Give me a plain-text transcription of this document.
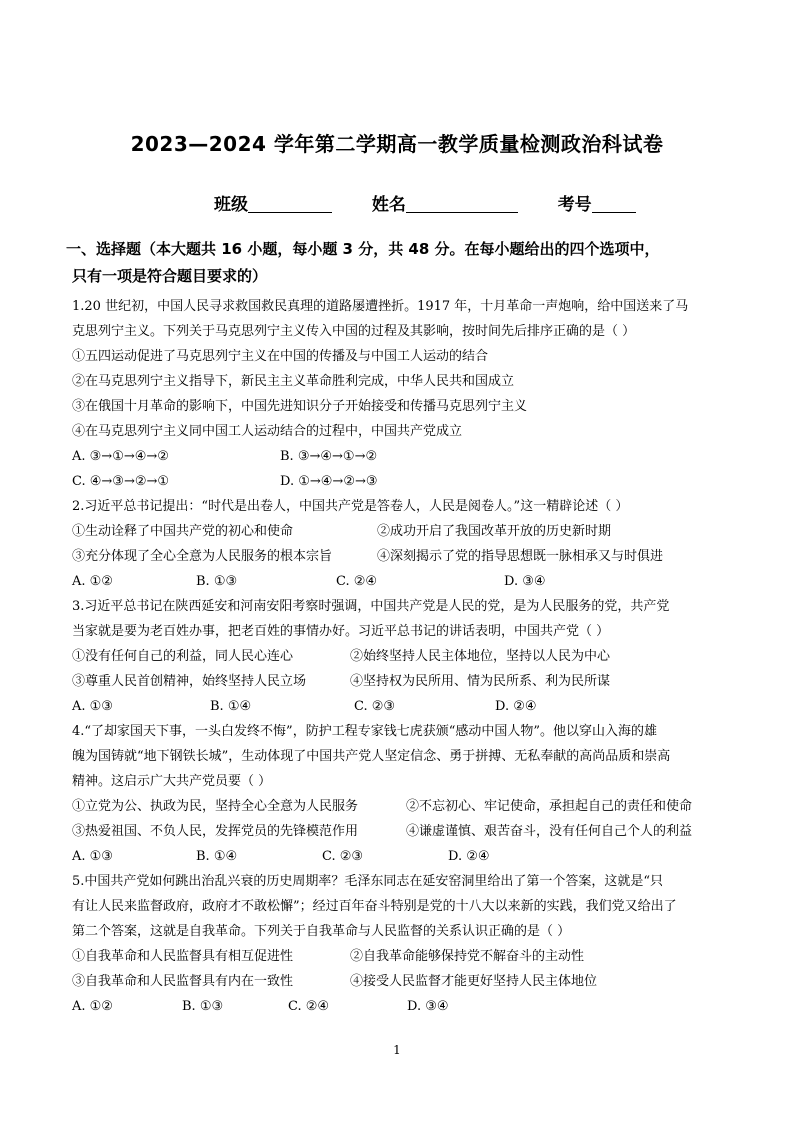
2023—2024 学年第二学期高一教学质量检测政治科试卷
班级	姓名	考号
一、选择题（本大题共 16 小题，每小题 3 分，共 48 分。在每小题给出的四个选项中，
只有一项是符合题目要求的）
1.20 世纪初，中国人民寻求救国救民真理的道路屡遭挫折。1917 年，十月革命一声炮响，给中国送来了马
克思列宁主义。下列关于马克思列宁主义传入中国的过程及其影响，按时间先后排序正确的是（ ）
①五四运动促进了马克思列宁主义在中国的传播及与中国工人运动的结合
②在马克思列宁主义指导下，新民主主义革命胜利完成，中华人民共和国成立
③在俄国十月革命的影响下，中国先进知识分子开始接受和传播马克思列宁主义
④在马克思列宁主义同中国工人运动结合的过程中，中国共产党成立
A. ③→①→④→②	B. ③→④→①→②
C. ④→③→②→①	D. ①→④→②→③
2.习近平总书记提出：“时代是出卷人，中国共产党是答卷人，人民是阅卷人。”这一精辟论述（ ）
①生动诠释了中国共产党的初心和使命	②成功开启了我国改革开放的历史新时期
③充分体现了全心全意为人民服务的根本宗旨	④深刻揭示了党的指导思想既一脉相承又与时俱进
A. ①②	B. ①③	C. ②④	D. ③④
3.习近平总书记在陕西延安和河南安阳考察时强调，中国共产党是人民的党，是为人民服务的党，共产党
当家就是要为老百姓办事，把老百姓的事情办好。习近平总书记的讲话表明，中国共产党（ ）
①没有任何自己的利益，同人民心连心	②始终坚持人民主体地位，坚持以人民为中心
③尊重人民首创精神，始终坚持人民立场	④坚持权为民所用、情为民所系、利为民所谋
A. ①③	B. ①④	C. ②③	D. ②④
4.“了却家国天下事，一头白发终不悔”，防护工程专家钱七虎获颁“感动中国人物”。他以穿山入海的雄
魄为国铸就“地下钢铁长城”，生动体现了中国共产党人坚定信念、勇于拼搏、无私奉献的高尚品质和崇高
精神。这启示广大共产党员要（ ）
①立党为公、执政为民，坚持全心全意为人民服务	②不忘初心、牢记使命，承担起自己的责任和使命
③热爱祖国、不负人民，发挥党员的先锋模范作用	④谦虚谨慎、艰苦奋斗，没有任何自己个人的利益
A. ①③	B. ①④	C. ②③	D. ②④
5.中国共产党如何跳出治乱兴衰的历史周期率？毛泽东同志在延安窑洞里给出了第一个答案，这就是“只
有让人民来监督政府，政府才不敢松懈”；经过百年奋斗特别是党的十八大以来新的实践，我们党又给出了
第二个答案，这就是自我革命。下列关于自我革命与人民监督的关系认识正确的是（ ）
①自我革命和人民监督具有相互促进性	②自我革命能够保持党不解奋斗的主动性
③自我革命和人民监督具有内在一致性	④接受人民监督才能更好坚持人民主体地位
A. ①②	B. ①③	C. ②④	D. ③④
1
